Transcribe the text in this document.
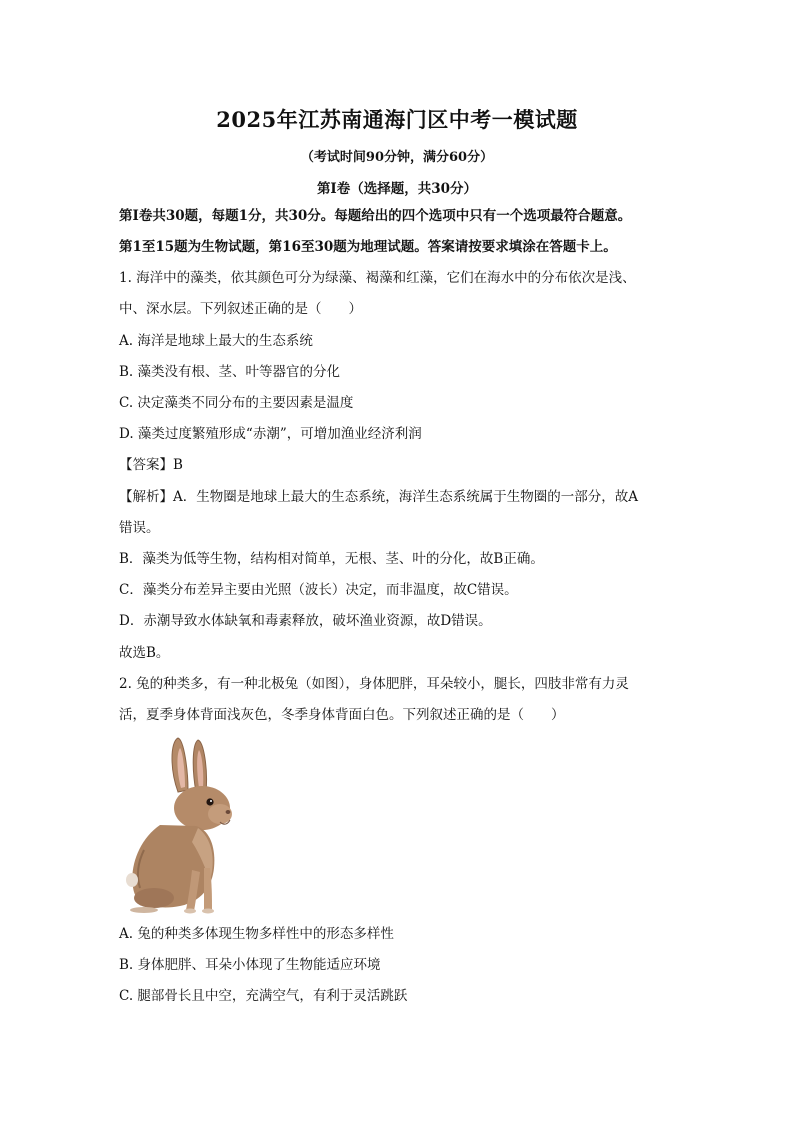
2025年江苏南通海门区中考一模试题
（考试时间90分钟，满分60分）
第Ⅰ卷（选择题，共30分）
第Ⅰ卷共30题，每题1分，共30分。每题给出的四个选项中只有一个选项最符合题意。
第1至15题为生物试题，第16至30题为地理试题。答案请按要求填涂在答题卡上。
1. 海洋中的藻类，依其颜色可分为绿藻、褐藻和红藻，它们在海水中的分布依次是浅、
中、深水层。下列叙述正确的是（　　）
A. 海洋是地球上最大的生态系统
B. 藻类没有根、茎、叶等器官的分化
C. 决定藻类不同分布的主要因素是温度
D. 藻类过度繁殖形成“赤潮”，可增加渔业经济利润
【答案】B
【解析】A．生物圈是地球上最大的生态系统，海洋生态系统属于生物圈的一部分，故A
错误。
B．藻类为低等生物，结构相对简单，无根、茎、叶的分化，故B正确。
C．藻类分布差异主要由光照（波长）决定，而非温度，故C错误。
D．赤潮导致水体缺氧和毒素释放，破坏渔业资源，故D错误。
故选B。
2. 兔的种类多，有一种北极兔（如图），身体肥胖，耳朵较小，腿长，四肢非常有力灵
活，夏季身体背面浅灰色，冬季身体背面白色。下列叙述正确的是（　　）
A. 兔的种类多体现生物多样性中的形态多样性
B. 身体肥胖、耳朵小体现了生物能适应环境
C. 腿部骨长且中空，充满空气，有利于灵活跳跃
